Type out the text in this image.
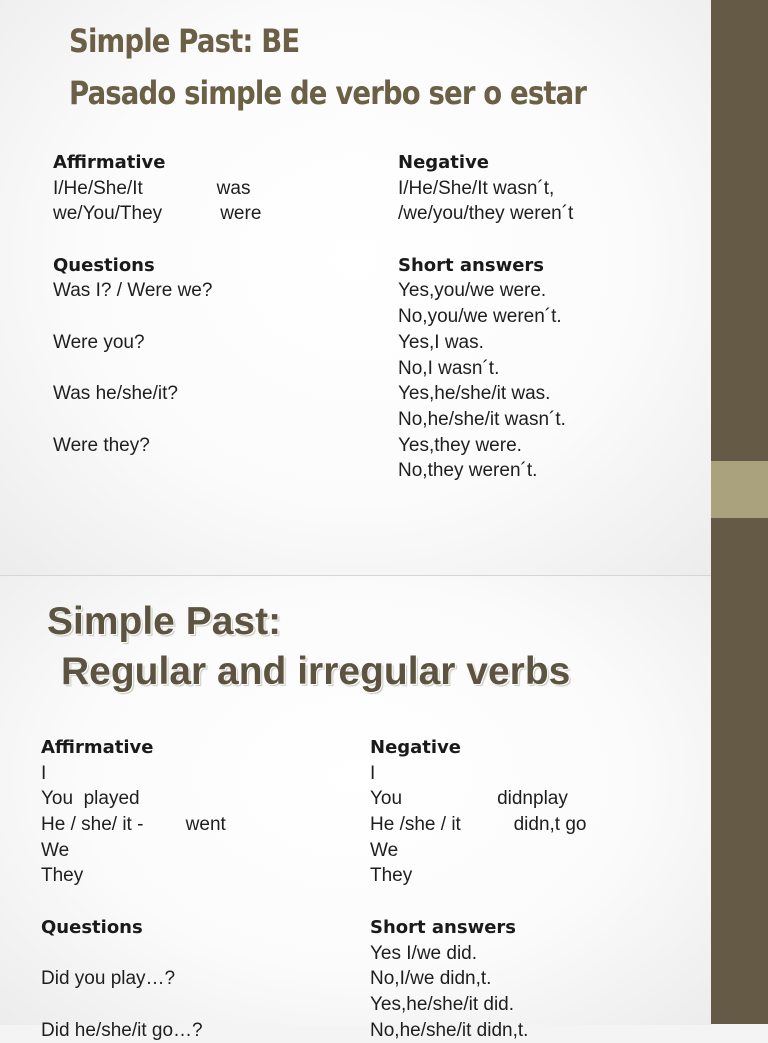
Simple Past: BE
Pasado simple de verbo ser o estar
Affirmative
I/He/She/It              was
we/You/They           were
Questions
Was I? / Were we?
Were you?
Was he/she/it?
Were they?
Negative
I/He/She/It wasn´t,
/we/you/they weren´t
Short answers
Yes,you/we were.
No,you/we weren´t.
Yes,I was.
No,I wasn´t.
Yes,he/she/it was.
No,he/she/it wasn´t.
Yes,they were.
No,they weren´t.
Simple Past:
Regular and irregular verbs
Affirmative
I
You  played
He / she/ it -        went
We
They
Questions
Did you play…?
Did he/she/it go…?
Negative
I
You                  didnplay
He /she / it          didn,t go
We
They
Short answers
Yes I/we did.
No,I/we didn,t.
Yes,he/she/it did.
No,he/she/it didn,t.
